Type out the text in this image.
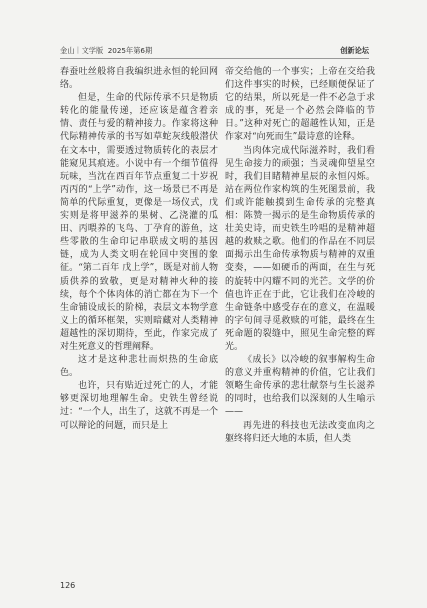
金山｜文学版 2025年第6期	创新论坛

春蚕吐丝般将自我编织进永恒的轮回网络。

但是，生命的代际传承不只是物质转化的能量传递，还应该是蕴含着亲情、责任与爱的精神接力。作家将这种代际精神传承的书写如草蛇灰线般潜伏在文本中，需要透过物质转化的表层才能窥见其痕迹。小说中有一个细节值得玩味，当沈在西百年节点重复二十岁祝丙丙的“上学”动作，这一场景已不再是简单的代际重复，更像是一场仪式，戊实则是将甲滋养的果树、乙浇灌的瓜田、丙喂养的飞鸟、丁孕育的游鱼，这些零散的生命印记串联成文明的基因链，成为人类文明在轮回中突围的象征。“第二百年 戊上学”，既是对前人物质供养的致敬，更是对精神火种的接续，每个个体肉体的消亡都在为下一个生命铺设成长的阶梯，表层文本物学意义上的循环框架，实则暗藏对人类精神超越性的深切期待，至此，作家完成了对生死意义的哲理阐释。

这才是这种悲壮而炽热的生命底色。

也许，只有贴近过死亡的人，才能够更深切地理解生命。史铁生曾经说过：“一个人，出生了，这就不再是一个可以辩论的问题，而只是上

帝交给他的一个事实；上帝在交给我们这件事实的时候，已经顺便保证了它的结果，所以死是一件不必急于求成的事，死是一个必然会降临的节日。”这种对死亡的超越性认知，正是作家对“向死而生”最诗意的诠释。

当肉体完成代际滋养时，我们看见生命接力的顽强；当灵魂仰望星空时，我们目睹精神星辰的永恒闪烁。站在两位作家构筑的生死图景前，我们或许能触摸到生命传承的完整真相：陈赞一揭示的是生命物质传承的壮美史诗，而史铁生吟唱的是精神超越的救赎之歌。他们的作品在不同层面揭示出生命传承物质与精神的双重变奏，——如硬币的两面，在生与死的旋转中闪耀不同的光芒。文学的价值也许正在于此，它让我们在冷峻的生命链条中感受存在的意义，在温暖的字句间寻觅救赎的可能，最终在生死命题的裂缝中，照见生命完整的辉光。

《成长》以冷峻的叙事解构生命的意义并重构精神的价值，它让我们领略生命传承的悲壮献祭与生长滋养的同时，也给我们以深刻的人生喻示——

再先进的科技也无法改变血肉之躯终将归还大地的本质，但人类

126
